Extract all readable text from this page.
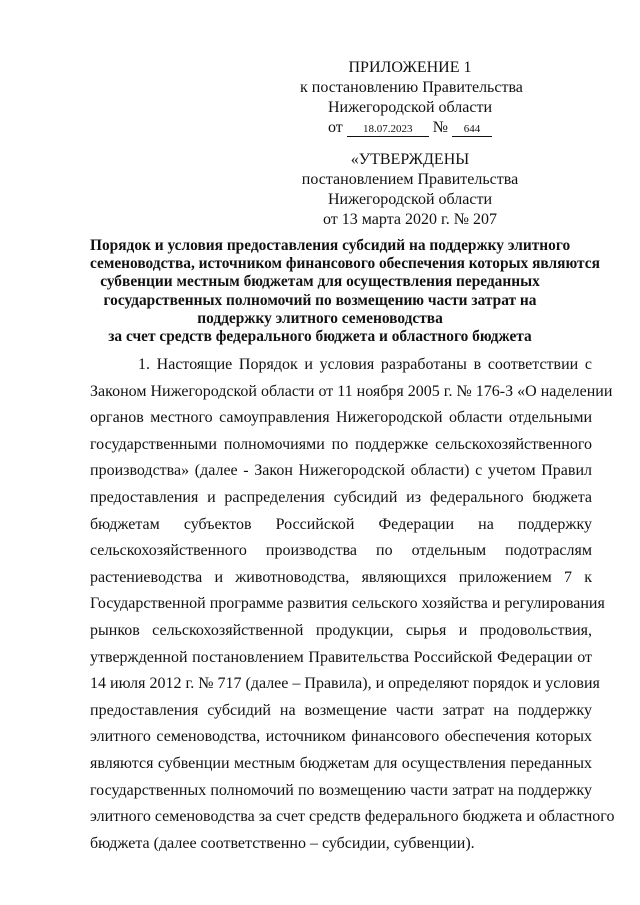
ПРИЛОЖЕНИЕ 1
к постановлению Правительства
Нижегородской области
от 18.07.2023 № 644
«УТВЕРЖДЕНЫ
постановлением Правительства
Нижегородской области
от 13 марта 2020 г. № 207
Порядок и условия предоставления субсидий на поддержку элитного
семеноводства, источником финансового обеспечения которых являются
субвенции местным бюджетам для осуществления переданных
государственных полномочий по возмещению части затрат на
поддержку элитного семеноводства
за счет средств федерального бюджета и областного бюджета
1. Настоящие Порядок и условия разработаны в соответствии с
Законом Нижегородской области от 11 ноября 2005 г. № 176-З «О наделении
органов местного самоуправления Нижегородской области отдельными
государственными полномочиями по поддержке сельскохозяйственного
производства» (далее - Закон Нижегородской области) с учетом Правил
предоставления и распределения субсидий из федерального бюджета
бюджетам субъектов Российской Федерации на поддержку
сельскохозяйственного производства по отдельным подотраслям
растениеводства и животноводства, являющихся приложением 7 к
Государственной программе развития сельского хозяйства и регулирования
рынков сельскохозяйственной продукции, сырья и продовольствия,
утвержденной постановлением Правительства Российской Федерации от
14 июля 2012 г. № 717 (далее – Правила), и определяют порядок и условия
предоставления субсидий на возмещение части затрат на поддержку
элитного семеноводства, источником финансового обеспечения которых
являются субвенции местным бюджетам для осуществления переданных
государственных полномочий по возмещению части затрат на поддержку
элитного семеноводства за счет средств федерального бюджета и областного
бюджета (далее соответственно – субсидии, субвенции).
